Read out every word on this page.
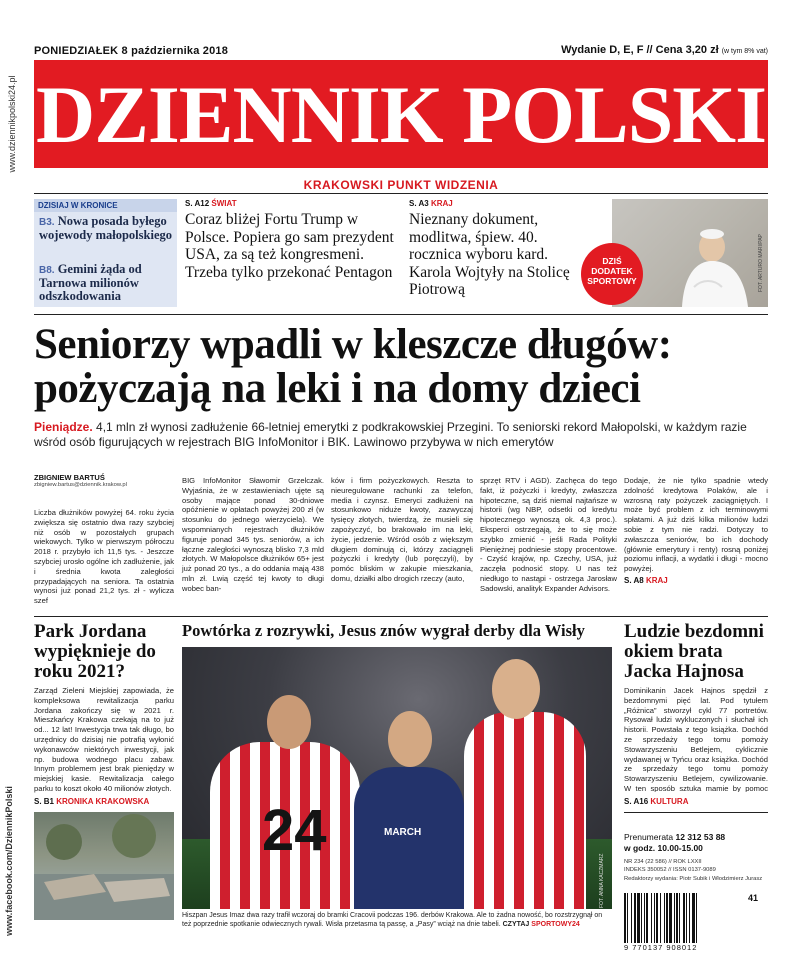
www.dziennikpolski24.pl
www.facebook.com/DziennikPolski
PONIEDZIAŁEK 8 października 2018	Wydanie D, E, F // Cena 3,20 zł (w tym 8% vat)
DZIENNIK POLSKI
KRAKOWSKI PUNKT WIDZENIA
DZISIAJ W KRONICE
B3. Nowa posada byłego wojewody małopolskiego
B8. Gemini żąda od Tarnowa milionów odszkodowania
S. A12 ŚWIAT
Coraz bliżej Fortu Trump w Polsce. Popiera go sam prezydent USA, za są też kongresmeni. Trzeba tylko przekonać Pentagon
S. A3 KRAJ
Nieznany dokument, modlitwa, śpiew. 40. rocznica wyboru kard. Karola Wojtyły na Stolicę Piotrową	FOT. ARTURO MARI/PAP
DZIŚ
DODATEK
SPORTOWY
Seniorzy wpadli w kleszcze długów: pożyczają na leki i na domy dzieci
Pieniądze. 4,1 mln zł wynosi zadłużenie 66-letniej emerytki z podkrakowskiej Przegini. To seniorski rekord Małopolski, w każdym razie wśród osób figurujących w rejestrach BIG InfoMonitor i BIK. Lawinowo przybywa w nich emerytów
ZBIGNIEW BARTUŚ
zbigniew.bartus@dziennik.krakow.pl
Liczba dłużników powyżej 64. roku życia zwiększa się ostatnio dwa razy szybciej niż osób w pozostałych grupach wiekowych. Tylko w pierwszym półroczu 2018 r. przybyło ich 11,5 tys. - Jeszcze szybciej urosło ogólne ich zadłużenie, jak i średnia kwota zaległości przypadających na seniora. Ta ostatnia wynosi już ponad 21,2 tys. zł - wylicza szef
BIG InfoMonitor Sławomir Grzelczak. Wyjaśnia, że w zestawieniach ujęte są osoby mające ponad 30-dniowe opóźnienie w opłatach powyżej 200 zł (w stosunku do jednego wierzyciela). We wspomnianych rejestrach dłużników figuruje ponad 345 tys. seniorów, a ich łączne zaległości wynoszą blisko 7,3 mld złotych. W Małopolsce dłużników 65+ jest już ponad 20 tys., a do oddania mają 438 mln zł. Lwią część tej kwoty to długi wobec ban-
ków i firm pożyczkowych. Reszta to nieuregulowane rachunki za telefon, media i czynsz. Emeryci zadłużeni na stosunkowo niduże kwoty, zazwyczaj tysięcy złotych, twierdzą, że musieli się zapożyczyć, bo brakowało im na leki, życie, jedzenie. Wśród osób z większym długiem dominują ci, którzy zaciągnęli pożyczki i kredyty (lub poręczyli), by pomóc bliskim w zakupie mieszkania, domu, działki albo drogich rzeczy (auto,
sprzęt RTV i AGD). Zachęca do tego fakt, iż pożyczki i kredyty, zwłaszcza hipoteczne, są dziś niemal najtańsze w historii (wg NBP, odsetki od kredytu hipotecznego wynoszą ok. 4,3 proc.). Eksperci ostrzegają, że to się może szybko zmienić - jeśli Rada Polityki Pieniężnej podniesie stopy procentowe. - Czyść krajów, np. Czechy, USA, już zaczęła podnosić stopy. U nas też niedługo to nastąpi - ostrzega Jarosław Sadowski, analityk Expander Advisors.
Dodaje, że nie tylko spadnie wtedy zdolność kredytowa Polaków, ale i wzrosną raty pożyczek zaciągniętych. I może być problem z ich terminowymi spłatami. A już dziś kilka milionów ludzi sobie z tym nie radzi. Dotyczy to zwłaszcza seniorów, bo ich dochody (głównie emerytury i renty) rosną poniżej poziomu inflacji, a wydatki i długi - mocno powyżej.
S. A8 KRAJ
Park Jordana wypięknieje do roku 2021?
Zarząd Zieleni Miejskiej zapowiada, że kompleksowa rewitalizacja parku Jordana zakończy się w 2021 r. Mieszkańcy Krakowa czekają na to już od... 12 lat! Inwestycja trwa tak długo, bo urzędnicy do dzisiaj nie potrafią wyłonić wykonawców niektórych inwestycji, jak np. budowa wodnego placu zabaw. Innym problemem jest brak pieniędzy w miejskiej kasie. Rewitalizacja całego parku to koszt około 40 milionów złotych.
S. B1 KRONIKA KRAKOWSKA
Powtórka z rozrywki, Jesus znów wygrał derby dla Wisły
24	MARCH
FOT. ANNA KACZMARZ
Hiszpan Jesus Imaz dwa razy trafił wczoraj do bramki Cracovii podczas 196. derbów Krakowa. Ale to żadna nowość, bo rozstrzygnął on też poprzednie spotkanie odwiecznych rywali. Wisła przetasma tą passę, a „Pasy” wciąż na dnie tabeli. CZYTAJ SPORTOWY24
Ludzie bezdomni okiem brata Jacka Hajnosa
Dominikanin Jacek Hajnos spędził z bezdomnymi pięć lat. Pod tytułem „Różnica” stworzył cykl 77 portretów. Rysował ludzi wykluczonych i słuchał ich historii. Powstała z tego książka. Dochód ze sprzedaży tego tomu pomoży Stowarzyszeniu Betlejem, cyklicznie wydawanej w Tyńcu oraz książka. Dochód ze sprzedaży tego tomu pomoży Stowarzyszeniu Betlejem, cywilizowanie. W ten sposób sztuka mamie by pomoc
S. A16 KULTURA
Prenumerata 12 312 53 88
w godz. 10.00-15.00
NR 234 (22 586) // ROK LXXII
INDEKS 350052 // ISSN 0137-9089
Redaktorzy wydania: Piotr Subik i Włodzimierz Jurasz
9 770137 908012
41
